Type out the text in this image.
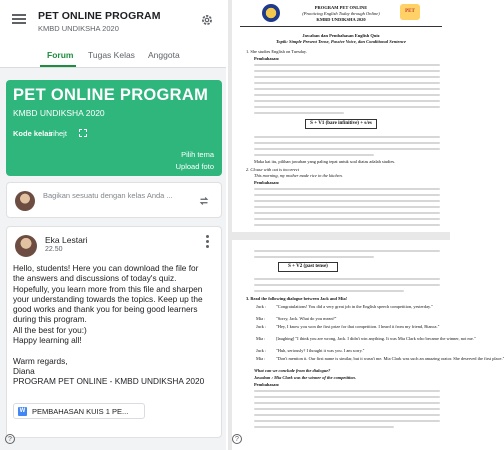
PET ONLINE PROGRAM
KMBD UNDIKSHA 2020
Forum Tugas Kelas Anggota
PET ONLINE PROGRAM
KMBD UNDIKSHA 2020
Kode kelas
irihejt
Pilih tema
Upload foto
Bagikan sesuatu dengan kelas Anda ...
Eka Lestari
22.50
Hello, students! Here you can download the file for
the answers and discussions of today's quiz.
Hopefully, you learn more from this file and sharpen
your understanding towards the topics. Keep up the
good works and thank you for being good learners
during this program.
All the best for you:)
Happy learning all!
Warm regards,
Diana
PROGRAM PET ONLINE - KMBD UNDIKSHA 2020
W PEMBAHASAN KUIS 1 PE...
?
PET
PROGRAM PET ONLINE
(Practicing English Today through Online)
KMBD UNDIKSHA 2020
Jawaban dan Pembahasan English Quiz
Topik: Simple Present Tense, Passive Voice, dan Conditional Sentence
1. She studies English on Tuesday.
Pembahasan:
S + V1 (bare infinitive) + s/es
Maka kai itu, pilihan jawaban yang paling tepat untuk soal diatas adalah studies.
2. Clouse with out is incorrect
This morning, my mother made rice in the kitchen.
Pembahasan:
S + V2 (past tense)
3. Read the following dialogue between Jack and Mia!
Jack : "Congratulations! You did a very great job in the English speech competition, yesterday."
Mia : "Sorry, Jack. What do you mean?"
Jack : "Hey, I know you won the first prize for that competition. I heard it from my friend, Bianca."
Mia : [laughing] "I think you are wrong, Jack. I didn't win anything. It was Mia Clark who became the winner, not me."
Jack : "Huh, seriously? I thought it was you. I am sorry."
Mia : "Don't mention it. Our first name is similar, but it wasn't me. Mia Clark was such an amazing orator. She deserved the first place."
What can we conclude from the dialogue?
Jawaban : Mia Clark was the winner of the competition.
Pembahasan:
?
